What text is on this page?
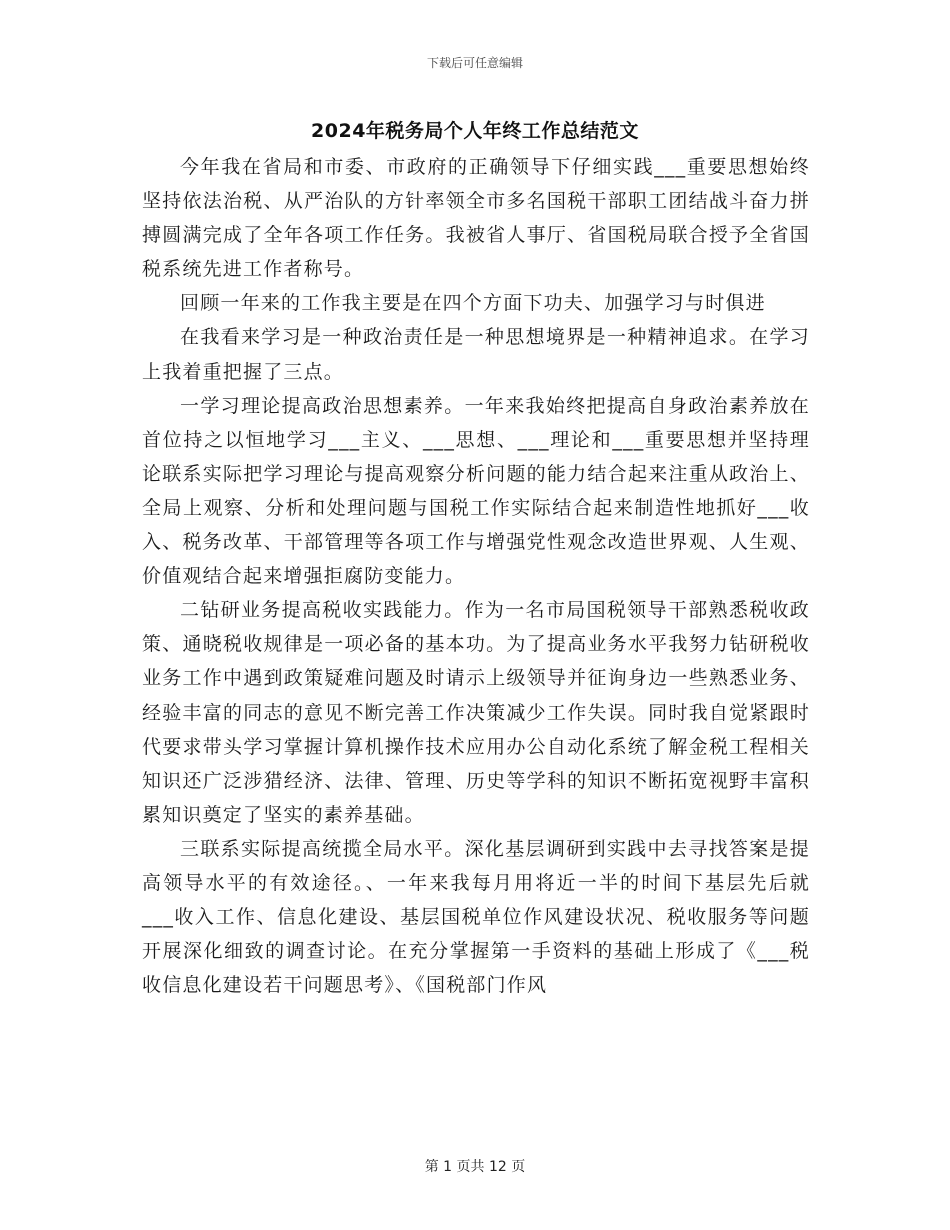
下载后可任意编辑
2024年税务局个人年终工作总结范文

今年我在省局和市委、市政府的正确领导下仔细实践___重要思想始终坚持依法治税、从严治队的方针率领全市多名国税干部职工团结战斗奋力拼搏圆满完成了全年各项工作任务。我被省人事厅、省国税局联合授予全省国税系统先进工作者称号。

回顾一年来的工作我主要是在四个方面下功夫、加强学习与时俱进

在我看来学习是一种政治责任是一种思想境界是一种精神追求。在学习上我着重把握了三点。

一学习理论提高政治思想素养。一年来我始终把提高自身政治素养放在首位持之以恒地学习___主义、___思想、___理论和___重要思想并坚持理论联系实际把学习理论与提高观察分析问题的能力结合起来注重从政治上、全局上观察、分析和处理问题与国税工作实际结合起来制造性地抓好___收入、税务改革、干部管理等各项工作与增强党性观念改造世界观、人生观、价值观结合起来增强拒腐防变能力。

二钻研业务提高税收实践能力。作为一名市局国税领导干部熟悉税收政策、通晓税收规律是一项必备的基本功。为了提高业务水平我努力钻研税收业务工作中遇到政策疑难问题及时请示上级领导并征询身边一些熟悉业务、经验丰富的同志的意见不断完善工作决策减少工作失误。同时我自觉紧跟时代要求带头学习掌握计算机操作技术应用办公自动化系统了解金税工程相关知识还广泛涉猎经济、法律、管理、历史等学科的知识不断拓宽视野丰富积累知识奠定了坚实的素养基础。

三联系实际提高统揽全局水平。深化基层调研到实践中去寻找答案是提高领导水平的有效途径。、一年来我每月用将近一半的时间下基层先后就___收入工作、信息化建设、基层国税单位作风建设状况、税收服务等问题开展深化细致的调查讨论。在充分掌握第一手资料的基础上形成了《___税收信息化建设若干问题思考》、《国税部门作风

第 1 页共 12 页
